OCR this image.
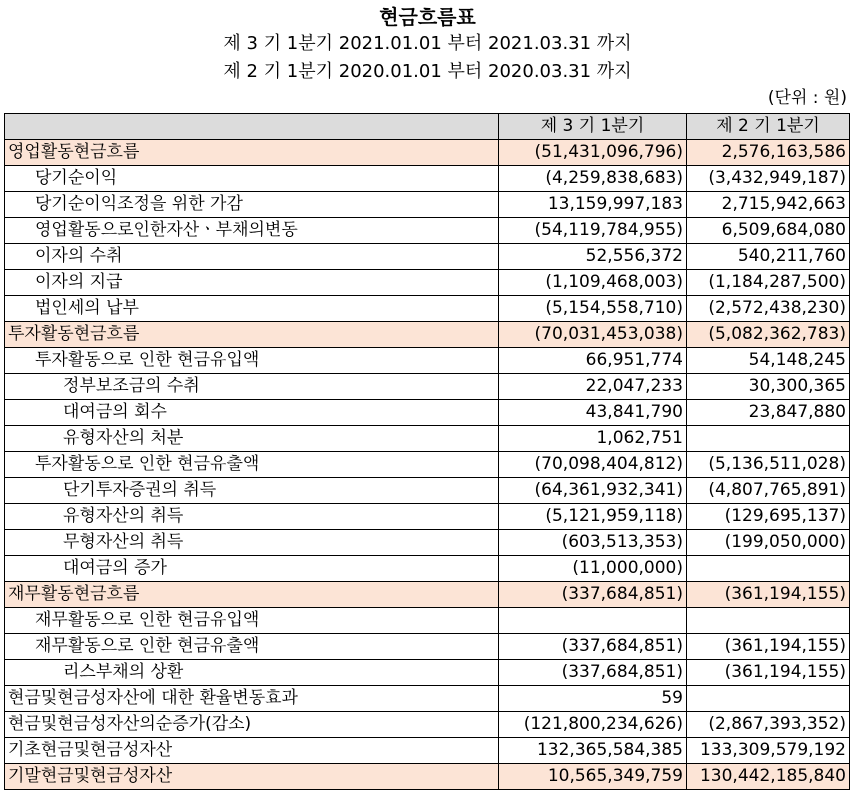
현금흐름표
제 3 기 1분기 2021.01.01 부터 2021.03.31 까지
제 2 기 1분기 2020.01.01 부터 2020.03.31 까지
(단위 : 원)
	제 3 기 1분기	제 2 기 1분기
영업활동현금흐름	(51,431,096,796)	2,576,163,586
당기순이익	(4,259,838,683)	(3,432,949,187)
당기순이익조정을 위한 가감	13,159,997,183	2,715,942,663
영업활동으로인한자산ㆍ부채의변동	(54,119,784,955)	6,509,684,080
이자의 수취	52,556,372	540,211,760
이자의 지급	(1,109,468,003)	(1,184,287,500)
법인세의 납부	(5,154,558,710)	(2,572,438,230)
투자활동현금흐름	(70,031,453,038)	(5,082,362,783)
투자활동으로 인한 현금유입액	66,951,774	54,148,245
정부보조금의 수취	22,047,233	30,300,365
대여금의 회수	43,841,790	23,847,880
유형자산의 처분	1,062,751	
투자활동으로 인한 현금유출액	(70,098,404,812)	(5,136,511,028)
단기투자증권의 취득	(64,361,932,341)	(4,807,765,891)
유형자산의 취득	(5,121,959,118)	(129,695,137)
무형자산의 취득	(603,513,353)	(199,050,000)
대여금의 증가	(11,000,000)	
재무활동현금흐름	(337,684,851)	(361,194,155)
재무활동으로 인한 현금유입액		
재무활동으로 인한 현금유출액	(337,684,851)	(361,194,155)
리스부채의 상환	(337,684,851)	(361,194,155)
현금및현금성자산에 대한 환율변동효과	59	
현금및현금성자산의순증가(감소)	(121,800,234,626)	(2,867,393,352)
기초현금및현금성자산	132,365,584,385	133,309,579,192
기말현금및현금성자산	10,565,349,759	130,442,185,840
